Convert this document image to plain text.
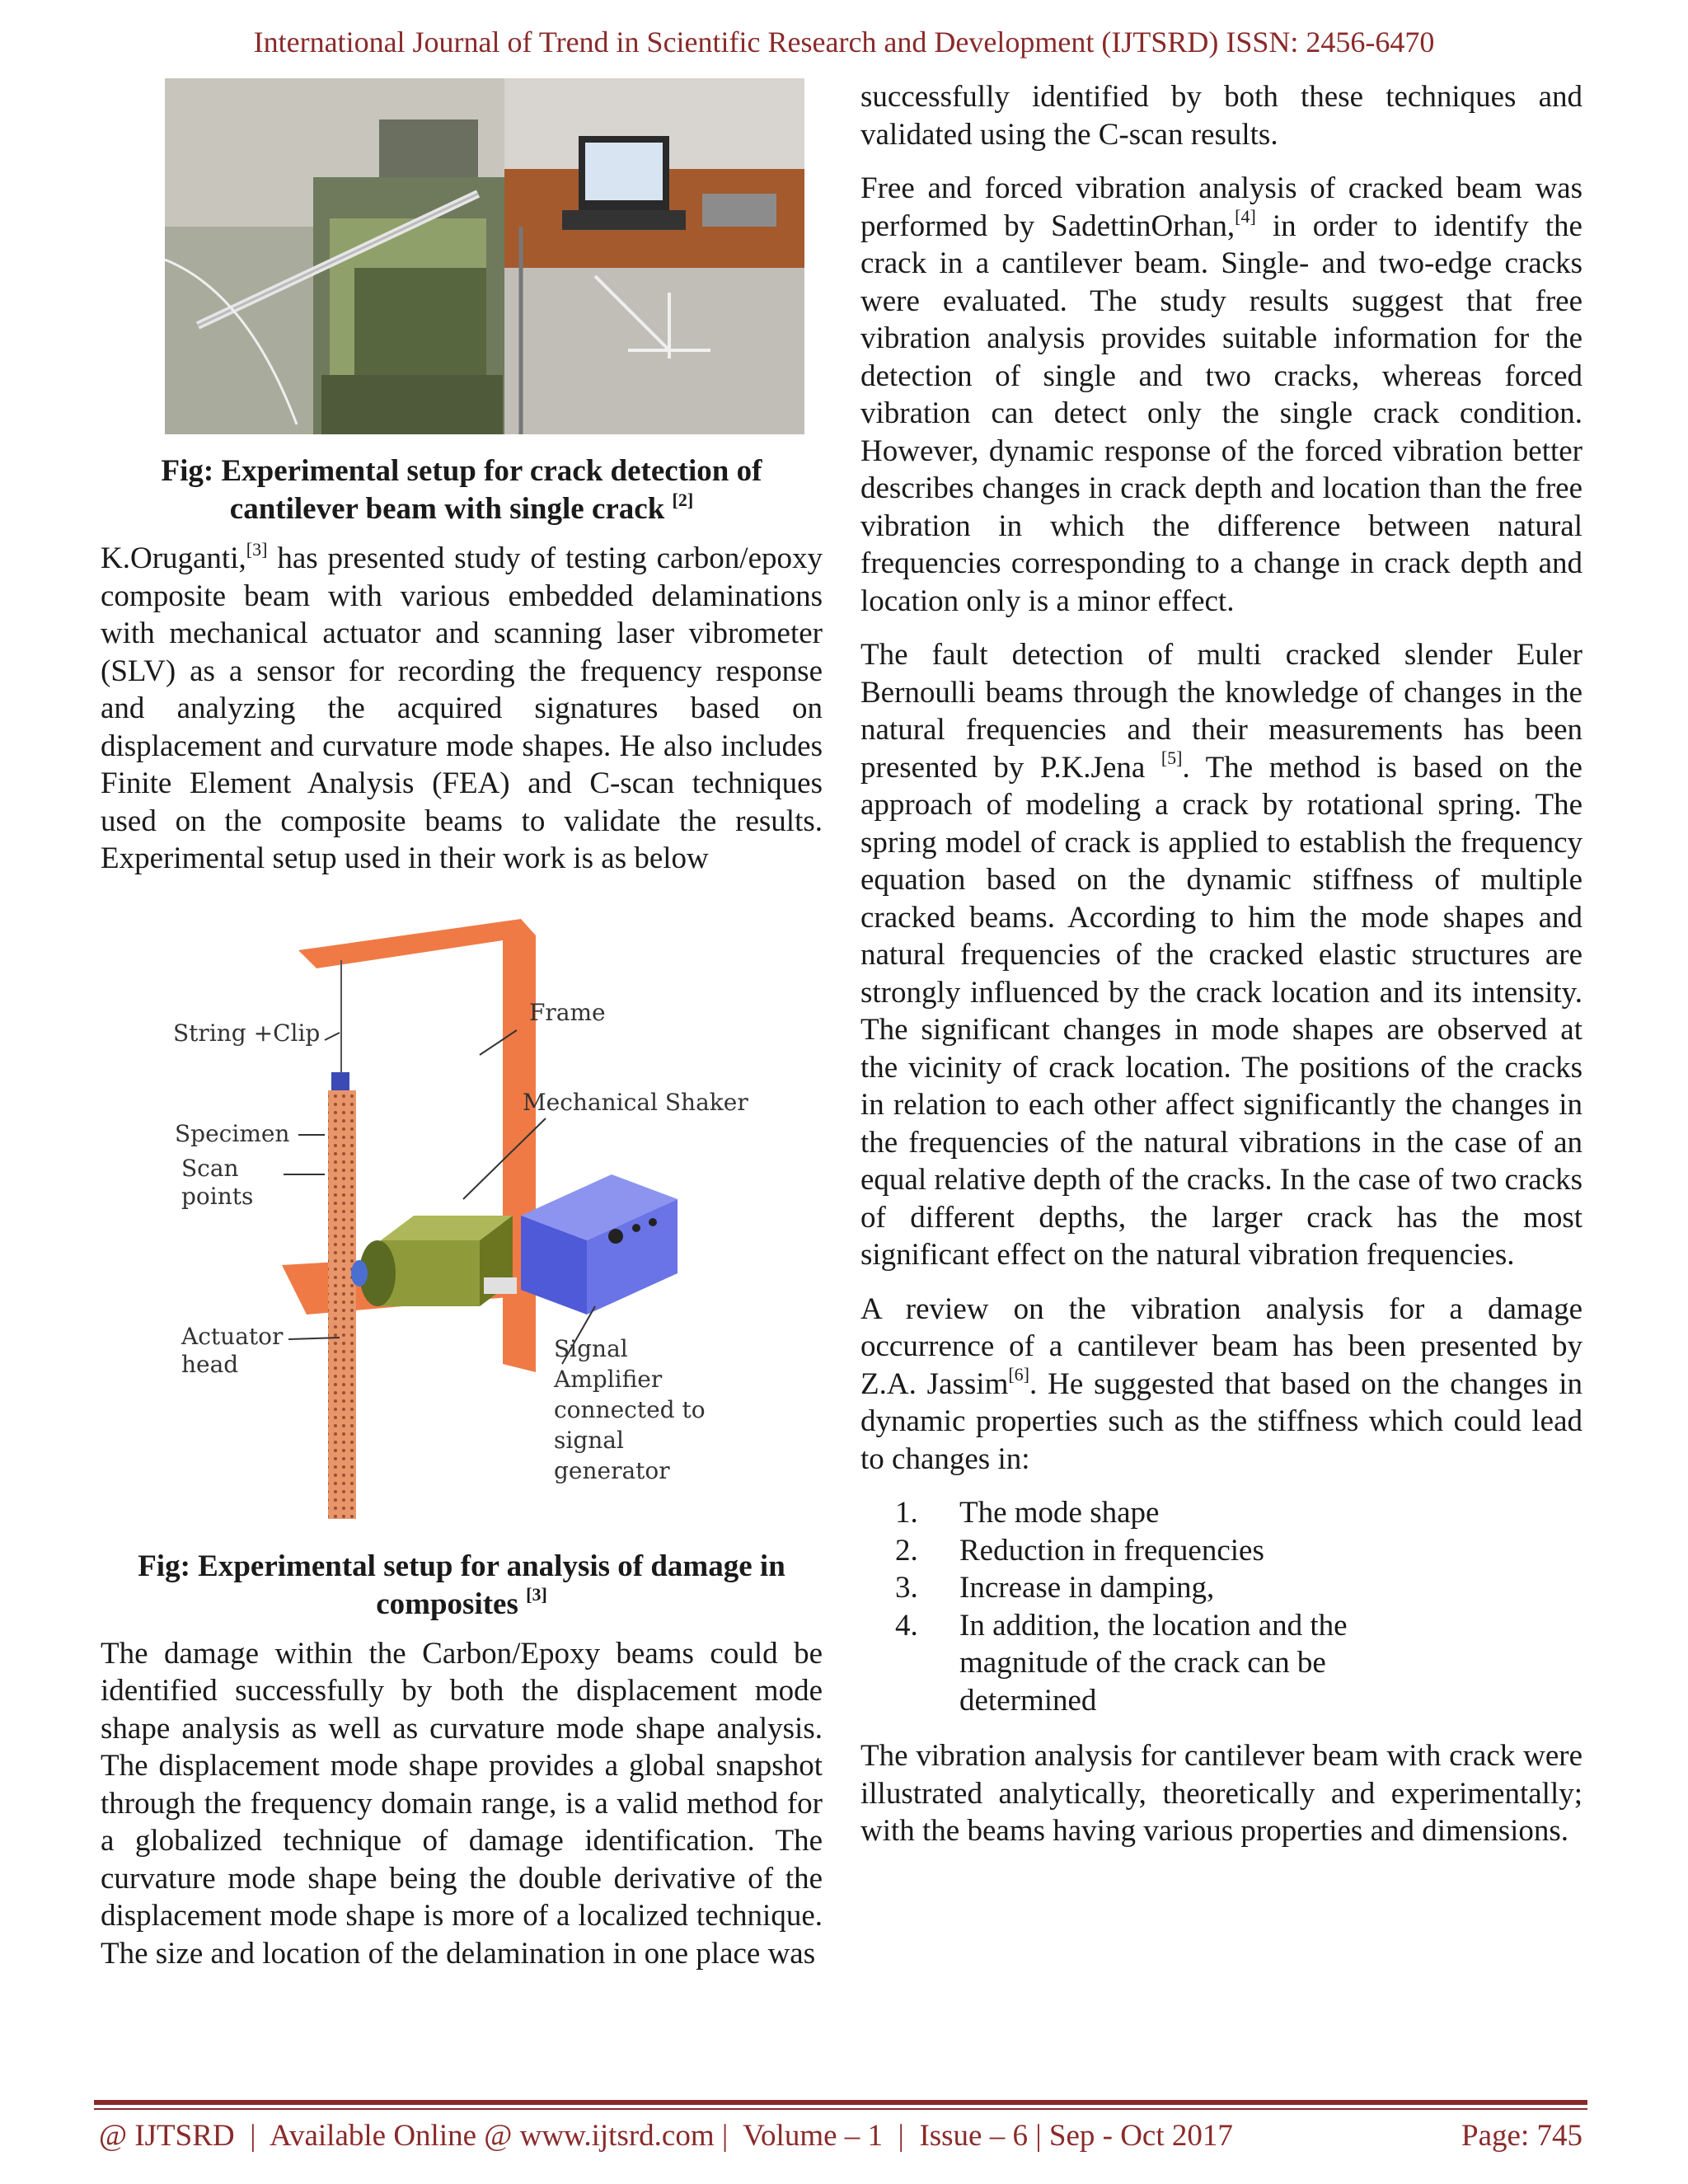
International Journal of Trend in Scientific Research and Development (IJTSRD) ISSN: 2456-6470
Fig: Experimental setup for crack detection of cantilever beam with single crack [2]

K.Oruganti,[3] has presented study of testing carbon/epoxy composite beam with various embedded delaminations with mechanical actuator and scanning laser vibrometer (SLV) as a sensor for recording the frequency response and analyzing the acquired signatures based on displacement and curvature mode shapes. He also includes Finite Element Analysis (FEA) and C-scan techniques used on the composite beams to validate the results. Experimental setup used in their work is as below

String +Clip
Frame
Specimen
Mechanical Shaker
Scan
points
Actuator
head
Signal
Amplifier
connected to
signal
generator
Fig: Experimental setup for analysis of damage in composites [3]

The damage within the Carbon/Epoxy beams could be identified successfully by both the displacement mode shape analysis as well as curvature mode shape analysis. The displacement mode shape provides a global snapshot through the frequency domain range, is a valid method for a globalized technique of damage identification. The curvature mode shape being the double derivative of the displacement mode shape is more of a localized technique. The size and location of the delamination in one place was

successfully identified by both these techniques and validated using the C-scan results.

Free and forced vibration analysis of cracked beam was performed by SadettinOrhan,[4] in order to identify the crack in a cantilever beam. Single- and two-edge cracks were evaluated. The study results suggest that free vibration analysis provides suitable information for the detection of single and two cracks, whereas forced vibration can detect only the single crack condition. However, dynamic response of the forced vibration better describes changes in crack depth and location than the free vibration in which the difference between natural frequencies corresponding to a change in crack depth and location only is a minor effect.

The fault detection of multi cracked slender Euler Bernoulli beams through the knowledge of changes in the natural frequencies and their measurements has been presented by P.K.Jena [5]. The method is based on the approach of modeling a crack by rotational spring. The spring model of crack is applied to establish the frequency equation based on the dynamic stiffness of multiple cracked beams. According to him the mode shapes and natural frequencies of the cracked elastic structures are strongly influenced by the crack location and its intensity. The significant changes in mode shapes are observed at the vicinity of crack location. The positions of the cracks in relation to each other affect significantly the changes in the frequencies of the natural vibrations in the case of an equal relative depth of the cracks. In the case of two cracks of different depths, the larger crack has the most significant effect on the natural vibration frequencies.

A review on the vibration analysis for a damage occurrence of a cantilever beam has been presented by Z.A. Jassim[6]. He suggested that based on the changes in dynamic properties such as the stiffness which could lead to changes in:

1. The mode shape
2. Reduction in frequencies
3. Increase in damping,
4. In addition, the location and the magnitude of the crack can be determined

The vibration analysis for cantilever beam with crack were illustrated analytically, theoretically and experimentally; with the beams having various properties and dimensions.

@ IJTSRD  |  Available Online @ www.ijtsrd.com |  Volume – 1  |  Issue – 6 | Sep - Oct 2017	Page: 745
